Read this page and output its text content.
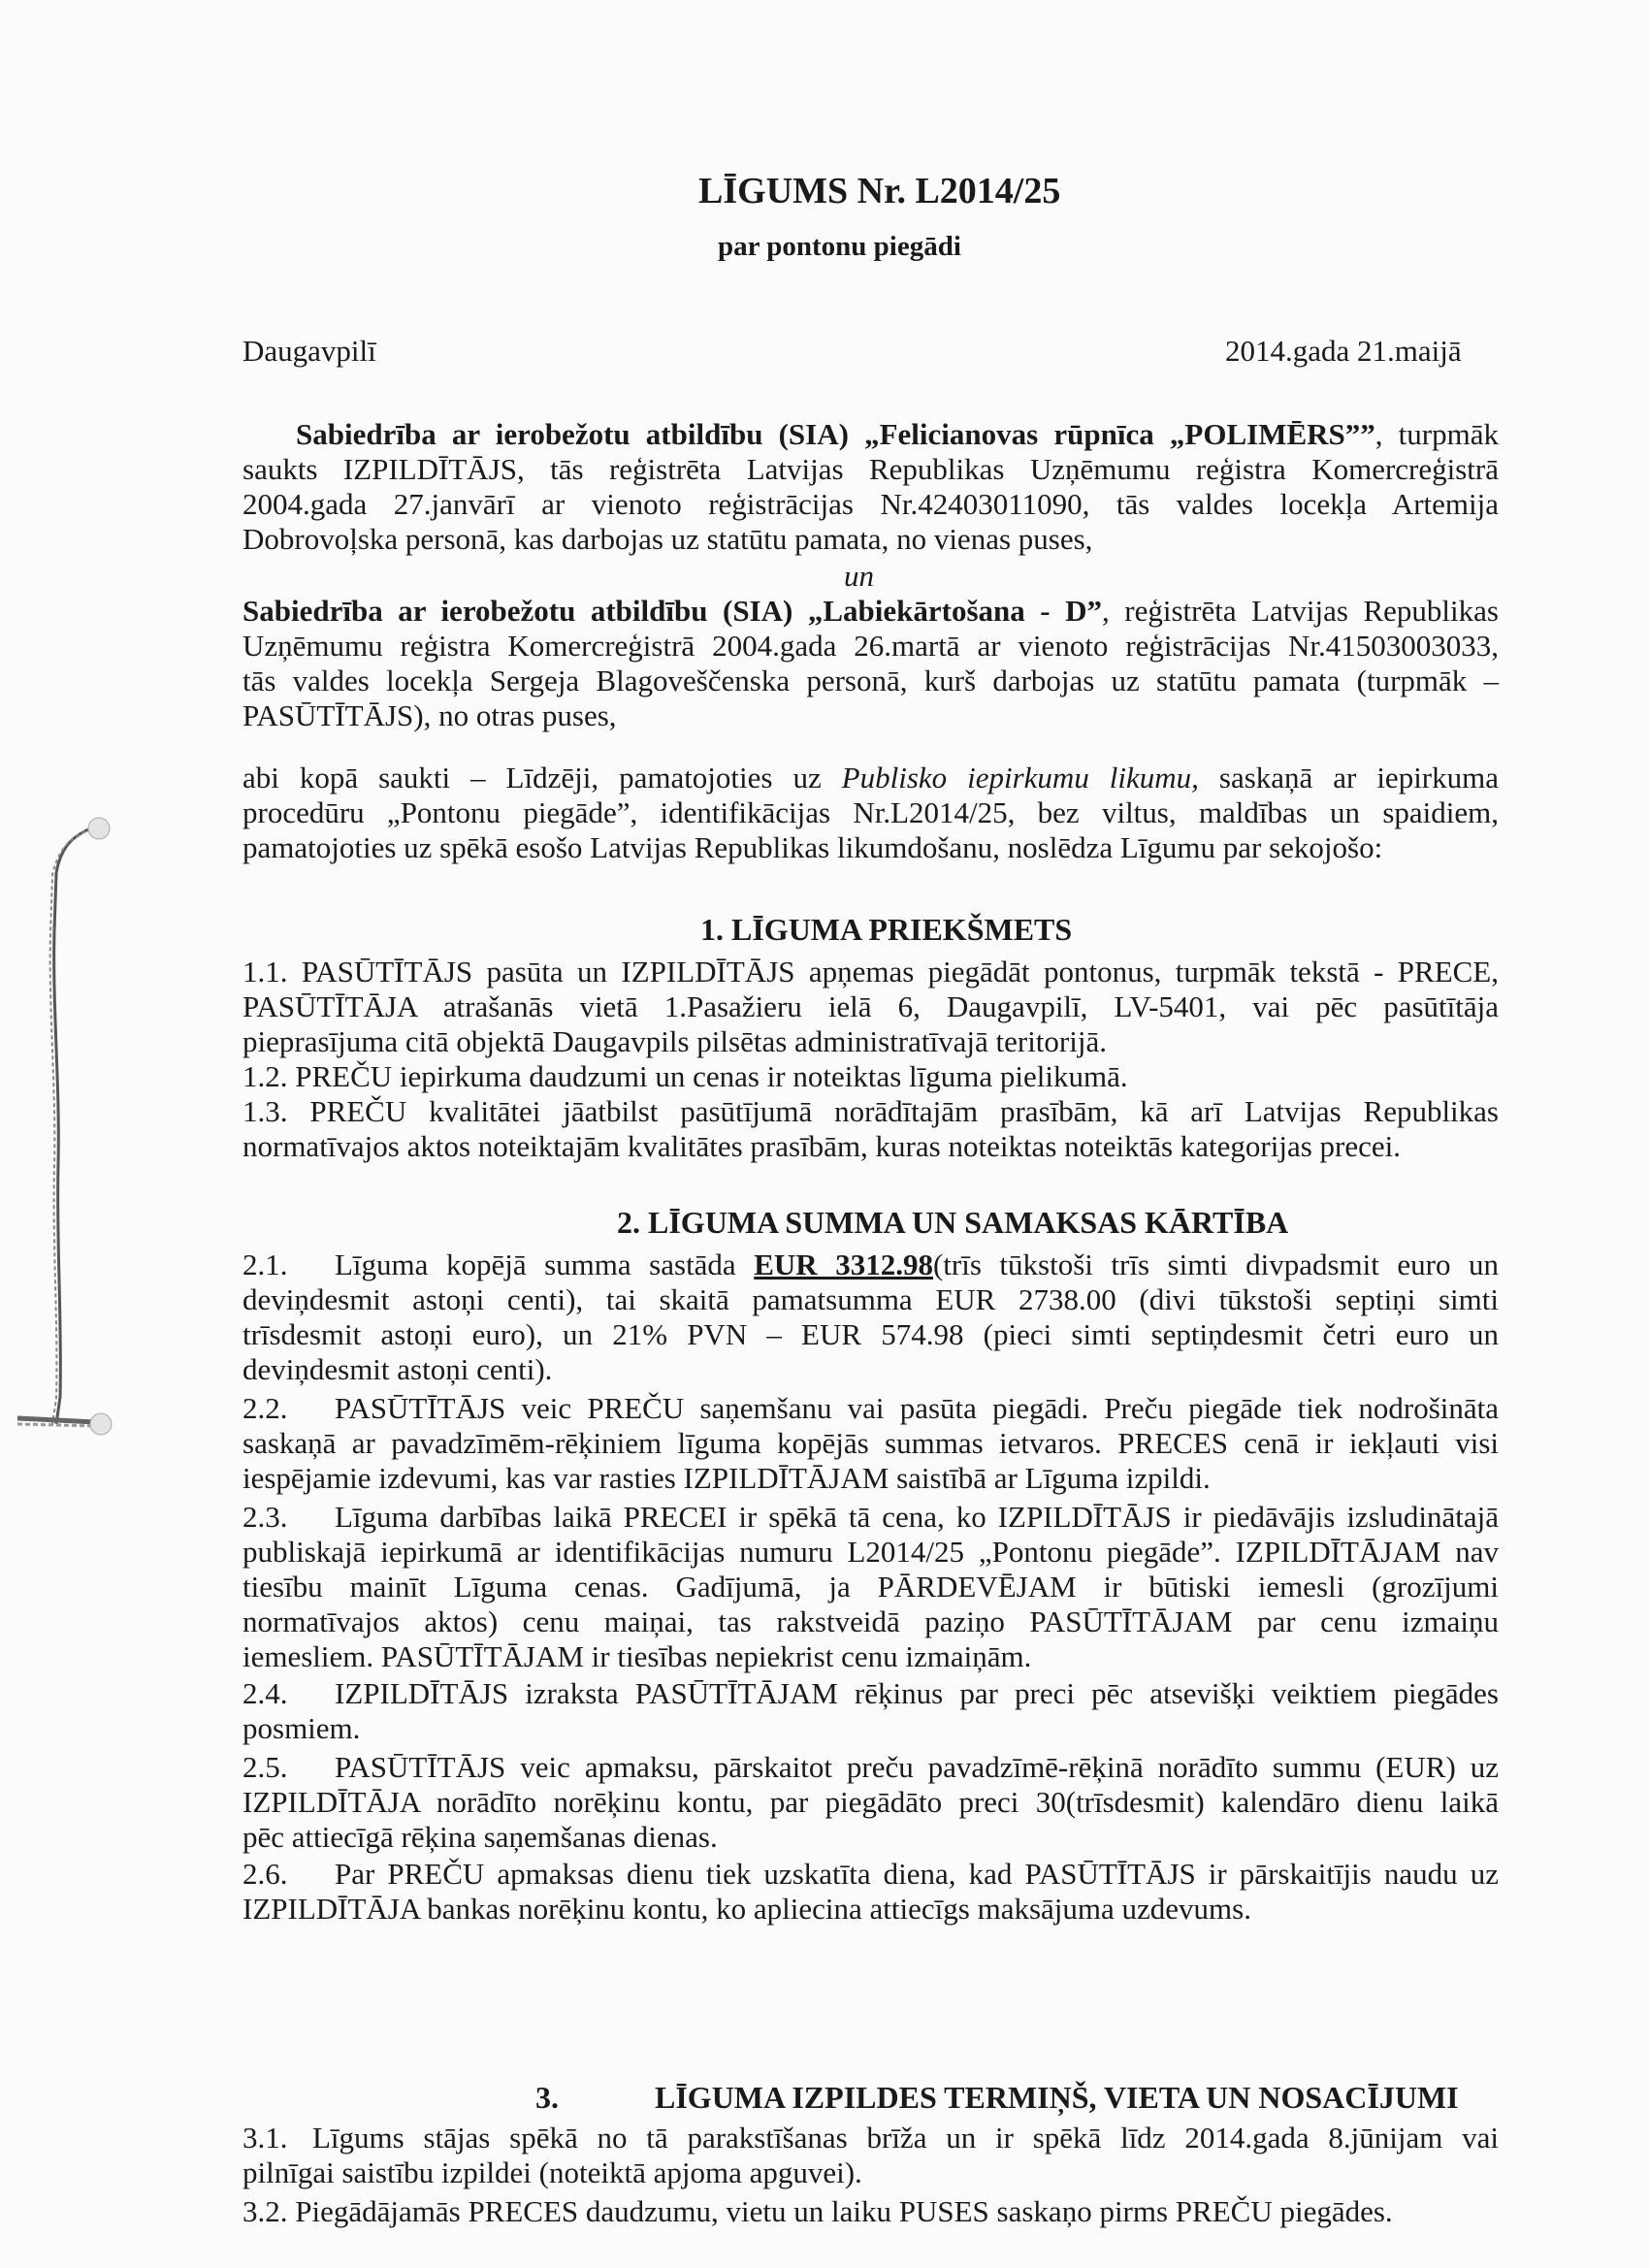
LĪGUMS Nr. L2014/25
par pontonu piegādi
Daugavpilī	2014.gada 21.maijā
Sabiedrība ar ierobežotu atbildību (SIA) „Felicianovas rūpnīca „POLIMĒRS””, turpmāk
saukts IZPILDĪTĀJS, tās reģistrēta Latvijas Republikas Uzņēmumu reģistra Komercreģistrā
2004.gada 27.janvārī ar vienoto reģistrācijas Nr.42403011090, tās valdes locekļa Artemija
Dobrovoļska personā, kas darbojas uz statūtu pamata, no vienas puses,
un
Sabiedrība ar ierobežotu atbildību (SIA) „Labiekārtošana - D”, reģistrēta Latvijas Republikas
Uzņēmumu reģistra Komercreģistrā 2004.gada 26.martā ar vienoto reģistrācijas Nr.41503003033,
tās valdes locekļa Sergeja Blagoveščenska personā, kurš darbojas uz statūtu pamata (turpmāk –
PASŪTĪTĀJS), no otras puses,
abi kopā saukti – Līdzēji, pamatojoties uz Publisko iepirkumu likumu, saskaņā ar iepirkuma
procedūru „Pontonu piegāde”, identifikācijas Nr.L2014/25, bez viltus, maldības un spaidiem,
pamatojoties uz spēkā esošo Latvijas Republikas likumdošanu, noslēdza Līgumu par sekojošo:
1. LĪGUMA PRIEKŠMETS
1.1. PASŪTĪTĀJS pasūta un IZPILDĪTĀJS apņemas piegādāt pontonus, turpmāk tekstā - PRECE,
PASŪTĪTĀJA atrašanās vietā 1.Pasažieru ielā 6, Daugavpilī, LV-5401, vai pēc pasūtītāja
pieprasījuma citā objektā Daugavpils pilsētas administratīvajā teritorijā.
1.2. PREČU iepirkuma daudzumi un cenas ir noteiktas līguma pielikumā.
1.3. PREČU kvalitātei jāatbilst pasūtījumā norādītajām prasībām, kā arī Latvijas Republikas
normatīvajos aktos noteiktajām kvalitātes prasībām, kuras noteiktas noteiktās kategorijas precei.
2. LĪGUMA SUMMA UN SAMAKSAS KĀRTĪBA
2.1. Līguma kopējā summa sastāda EUR 3312.98(trīs tūkstoši trīs simti divpadsmit euro un
deviņdesmit astoņi centi), tai skaitā pamatsumma EUR 2738.00 (divi tūkstoši septiņi simti
trīsdesmit astoņi euro), un 21% PVN – EUR 574.98 (pieci simti septiņdesmit četri euro un
deviņdesmit astoņi centi).
2.2. PASŪTĪTĀJS veic PREČU saņemšanu vai pasūta piegādi. Preču piegāde tiek nodrošināta
saskaņā ar pavadzīmēm-rēķiniem līguma kopējās summas ietvaros. PRECES cenā ir iekļauti visi
iespējamie izdevumi, kas var rasties IZPILDĪTĀJAM saistībā ar Līguma izpildi.
2.3. Līguma darbības laikā PRECEI ir spēkā tā cena, ko IZPILDĪTĀJS ir piedāvājis izsludinātajā
publiskajā iepirkumā ar identifikācijas numuru L2014/25 „Pontonu piegāde”. IZPILDĪTĀJAM nav
tiesību mainīt Līguma cenas. Gadījumā, ja PĀRDEVĒJAM ir būtiski iemesli (grozījumi
normatīvajos aktos) cenu maiņai, tas rakstveidā paziņo PASŪTĪTĀJAM par cenu izmaiņu
iemesliem. PASŪTĪTĀJAM ir tiesības nepiekrist cenu izmaiņām.
2.4. IZPILDĪTĀJS izraksta PASŪTĪTĀJAM rēķinus par preci pēc atsevišķi veiktiem piegādes
posmiem.
2.5. PASŪTĪTĀJS veic apmaksu, pārskaitot preču pavadzīmē-rēķinā norādīto summu (EUR) uz
IZPILDĪTĀJA norādīto norēķinu kontu, par piegādāto preci 30(trīsdesmit) kalendāro dienu laikā
pēc attiecīgā rēķina saņemšanas dienas.
2.6. Par PREČU apmaksas dienu tiek uzskatīta diena, kad PASŪTĪTĀJS ir pārskaitījis naudu uz
IZPILDĪTĀJA bankas norēķinu kontu, ko apliecina attiecīgs maksājuma uzdevums.
3.	LĪGUMA IZPILDES TERMIŅŠ, VIETA UN NOSACĪJUMI
3.1. Līgums stājas spēkā no tā parakstīšanas brīža un ir spēkā līdz 2014.gada 8.jūnijam vai
pilnīgai saistību izpildei (noteiktā apjoma apguvei).
3.2. Piegādājamās PRECES daudzumu, vietu un laiku PUSES saskaņo pirms PREČU piegādes.
